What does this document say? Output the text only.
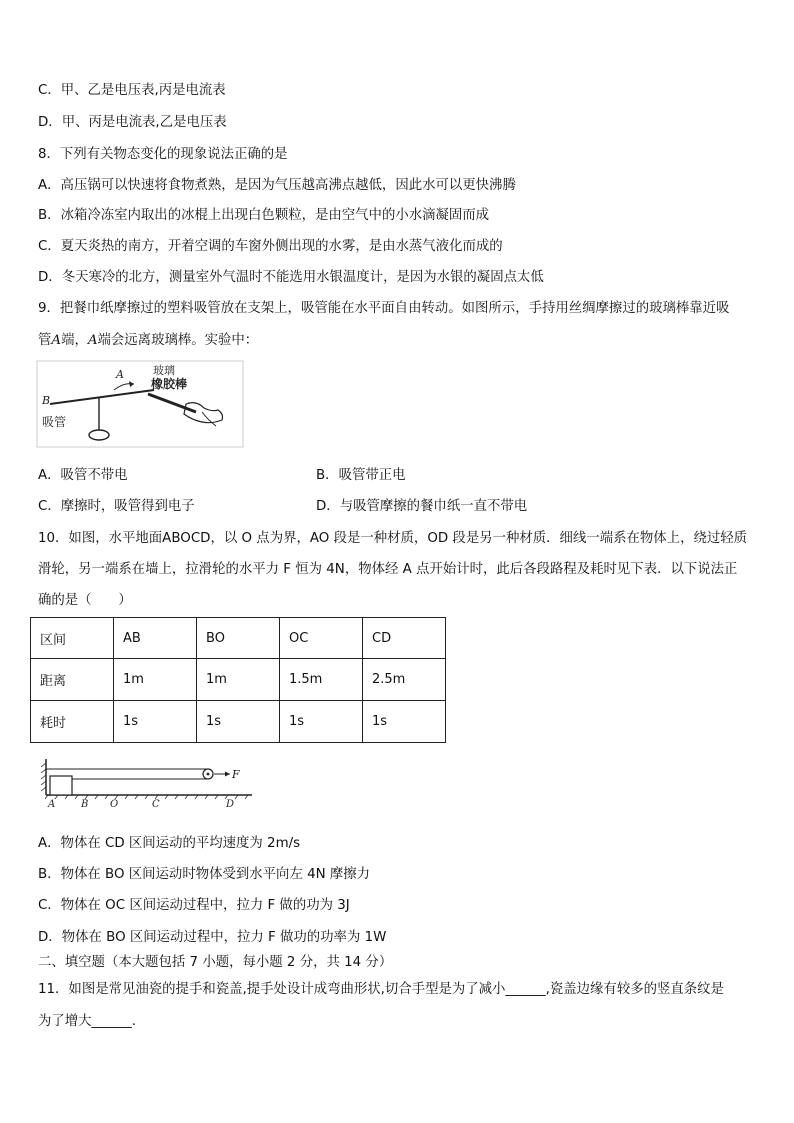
C．甲、乙是电压表,丙是电流表
D．甲、丙是电流表,乙是电压表
8．下列有关物态变化的现象说法正确的是
A．高压锅可以快速将食物煮熟，是因为气压越高沸点越低，因此水可以更快沸腾
B．冰箱冷冻室内取出的冰棍上出现白色颗粒，是由空气中的小水滴凝固而成
C．夏天炎热的南方，开着空调的车窗外侧出现的水雾，是由水蒸气液化而成的
D．冬天寒冷的北方，测量室外气温时不能选用水银温度计，是因为水银的凝固点太低
9．把餐巾纸摩擦过的塑料吸管放在支架上，吸管能在水平面自由转动。如图所示，手持用丝绸摩擦过的玻璃棒靠近吸
管A端，A端会远离玻璃棒。实验中：
B
A
吸管
玻璃
橡胶棒
A．吸管不带电	B．吸管带正电
C．摩擦时，吸管得到电子	D．与吸管摩擦的餐巾纸一直不带电
10．如图，水平地面ABOCD，以 O 点为界，AO 段是一种材质，OD 段是另一种材质．细线一端系在物体上，绕过轻质
滑轮，另一端系在墙上，拉滑轮的水平力 F 恒为 4N，物体经 A 点开始计时，此后各段路程及耗时见下表．以下说法正
确的是（　　）
区间	AB	BO	OC	CD
距离	1m	1m	1.5m	2.5m
耗时	1s	1s	1s	1s
F
A	B O	C	D
A．物体在 CD 区间运动的平均速度为 2m/s
B．物体在 BO 区间运动时物体受到水平向左 4N 摩擦力
C．物体在 OC 区间运动过程中，拉力 F 做的功为 3J
D．物体在 BO 区间运动过程中，拉力 F 做功的功率为 1W
二、填空题（本大题包括 7 小题，每小题 2 分，共 14 分）
11．如图是常见油瓷的提手和瓷盖,提手处设计成弯曲形状,切合手型是为了减小______,瓷盖边缘有较多的竖直条纹是
为了增大______.
